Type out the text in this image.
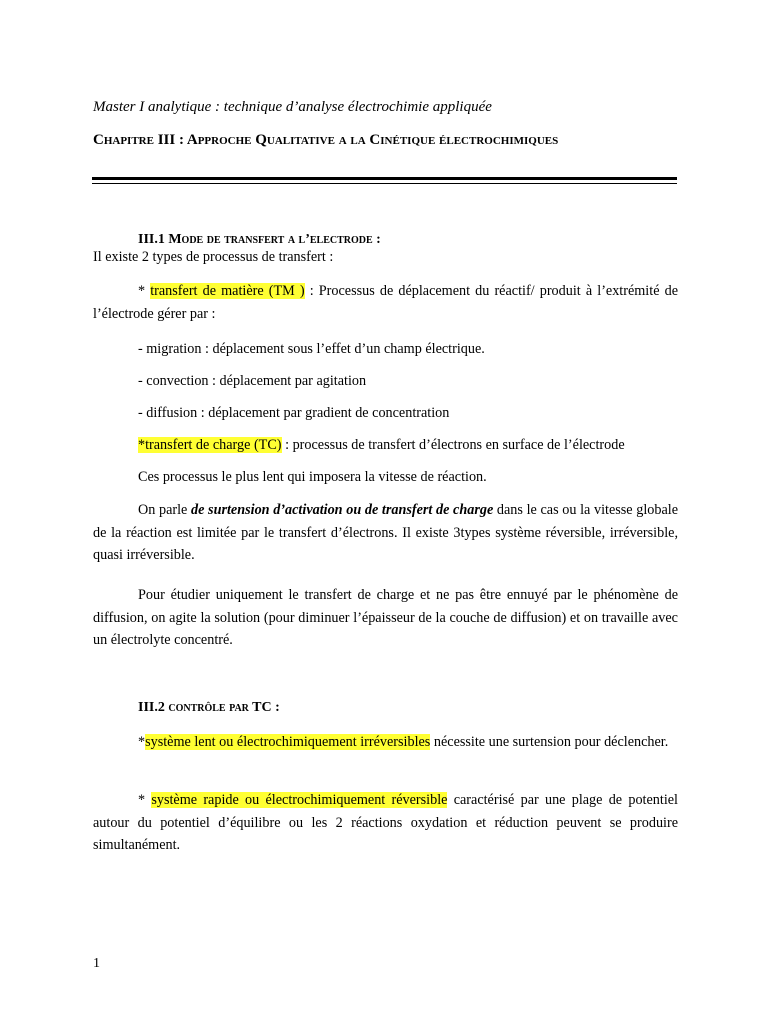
Master I analytique : technique d’analyse électrochimie appliquée

Chapitre III : Approche Qualitative a la Cinétique électrochimiques

III.1 Mode de transfert a l’electrode :

Il existe 2 types de processus de transfert :

* transfert de matière (TM ) : Processus de déplacement du réactif/ produit à l’extrémité de l’électrode gérer par :

- migration : déplacement sous l’effet d’un champ électrique.

- convection : déplacement par agitation

- diffusion : déplacement par gradient de concentration

*transfert de charge (TC) : processus de transfert d’électrons en surface de l’électrode

Ces processus le plus lent qui imposera la vitesse de réaction.

On parle de surtension d’activation ou de transfert de charge dans le cas ou la vitesse globale de la réaction est limitée par le transfert d’électrons. Il existe 3types système réversible, irréversible, quasi irréversible.

Pour étudier uniquement le transfert de charge et ne pas être ennuyé par le phénomène de diffusion, on agite la solution (pour diminuer l’épaisseur de la couche de diffusion) et on travaille avec un électrolyte concentré.

III.2 contrôle par TC :

*système lent ou électrochimiquement irréversibles nécessite une surtension pour déclencher.

* système rapide ou électrochimiquement réversible caractérisé par une plage de potentiel autour du potentiel d’équilibre ou les 2 réactions oxydation et réduction peuvent se produire simultanément.

1
